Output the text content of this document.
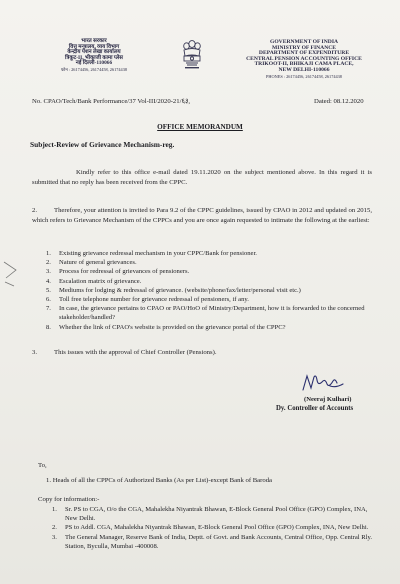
भारत सरकार
वित्त मन्त्रालय, व्यय विभाग
केन्द्रीय पेंशन लेखा कार्यालय
त्रिकूट-II, भीकाजी कामा प्लेस
नई दिल्ली-110066
फोन : 26174456, 26174458, 26174438
GOVERNMENT OF INDIA
MINISTRY OF FINANCE
DEPARTMENT OF EXPENDITURE
CENTRAL PENSION ACCOUNTING OFFICE
TRIKOOT-II, BHIKAJI CAMA PLACE,
NEW DELHI-110066
PHONES : 26174456, 26174458, 26174438
No. CPAO/Tech/Bank Performance/37 Vol-III/2020-21/६३,	Dated: 08.12.2020
OFFICE MEMORANDUM
Subject-Review of Grievance Mechanism-reg.
Kindly refer to this office e-mail dated 19.11.2020 on the subject mentioned above. In this regard it is submitted that no reply has been received from the CPPC.
2.	Therefore, your attention is invited to Para 9.2 of the CPPC guidelines, issued by CPAO in 2012 and updated on 2015, which refers to Grievance Mechanism of the CPPCs and you are once again requested to intimate the following at the earliest:
1. Existing grievance redressal mechanism in your CPPC/Bank for pensioner.
2. Nature of general grievances.
3. Process for redressal of grievances of pensioners.
4. Escalation matrix of grievance.
5. Mediums for lodging & redressal of grievance. (website/phone/fax/letter/personal visit etc.)
6. Toll free telephone number for grievance redressal of pensioners, if any.
7. In case, the grievance pertains to CPAO or PAO/HoO of Ministry/Department, how it is forwarded to the concerned stakeholder/handled?
8. Whether the link of CPAO's website is provided on the grievance portal of the CPPC?
3.	This issues with the approval of Chief Controller (Pensions).
(Neeraj Kulhari)
Dy. Controller of Accounts
To,
1. Heads of all the CPPCs of Authorized Banks (As per List)-except Bank of Baroda
Copy for information:-
1. Sr. PS to CGA, O/o the CGA, Mahalekha Niyantrak Bhawan, E-Block General Pool Office (GPO) Complex, INA, New Delhi.
2. PS to Addl. CGA, Mahalekha Niyantrak Bhawan, E-Block General Pool Office (GPO) Complex, INA, New Delhi.
3. The General Manager, Reserve Bank of India, Deptt. of Govt. and Bank Accounts, Central Office, Opp. Central Rly. Station, Byculla, Mumbai -400008.
